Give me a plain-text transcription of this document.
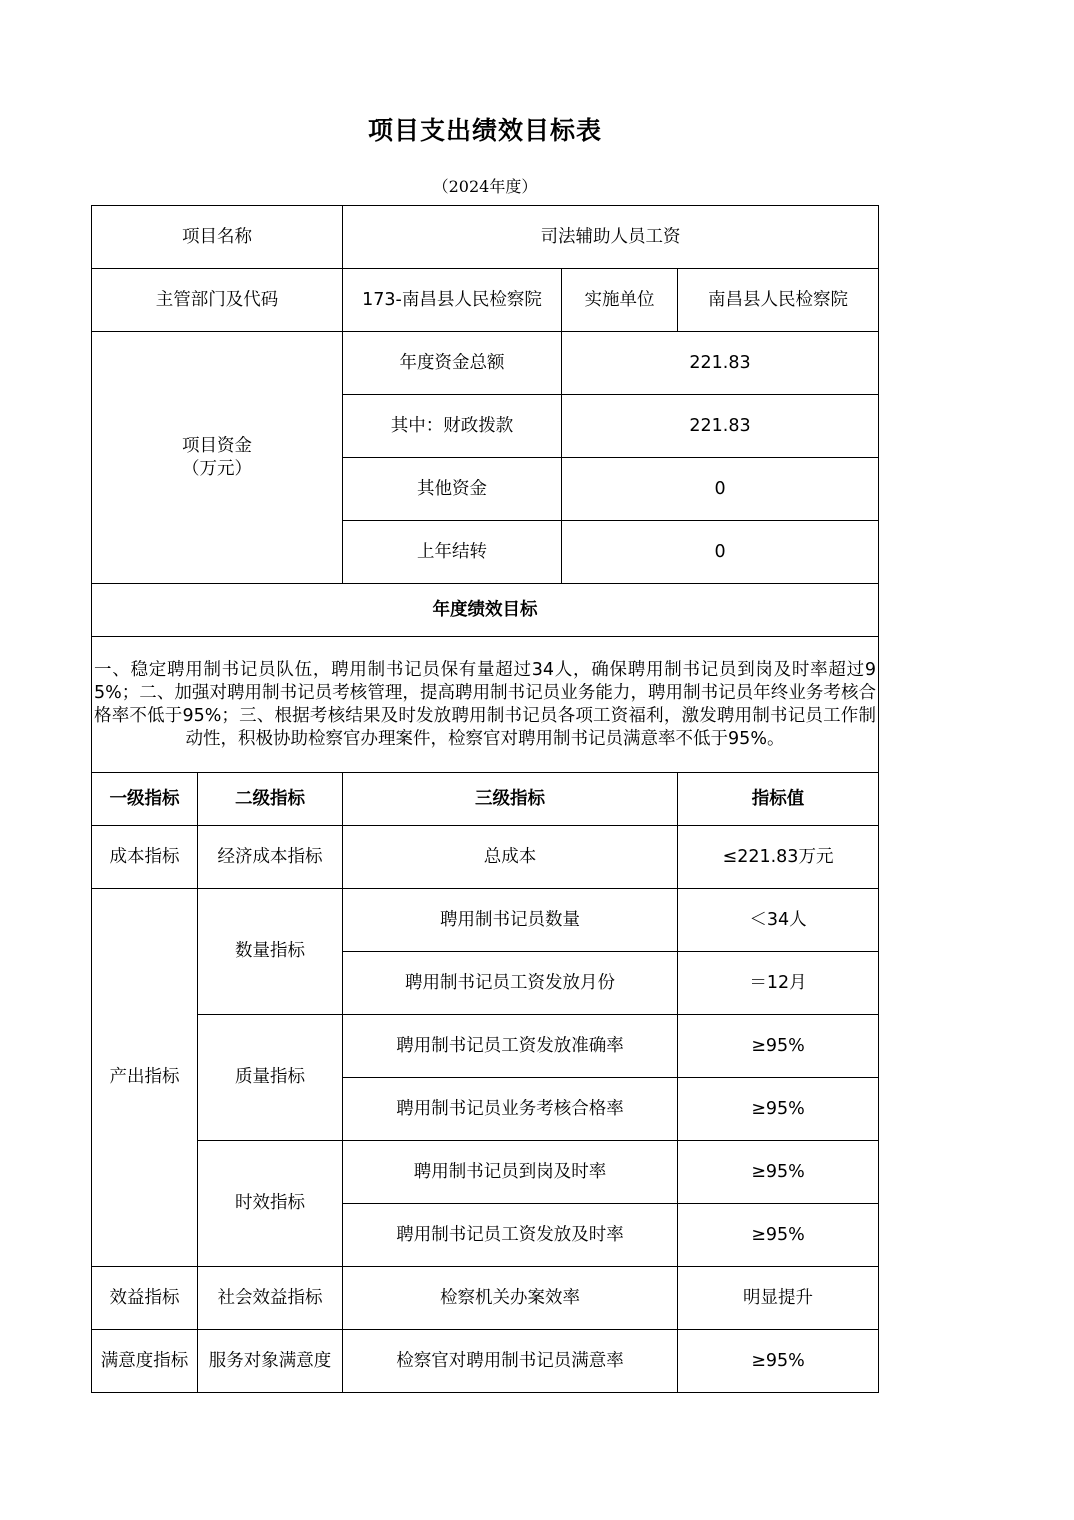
项目支出绩效目标表
（2024年度）
项目名称		司法辅助人员工资		
主管部门及代码		173-南昌县人民检察院	实施单位	南昌县人民检察院

项目资金
（万元）		年度资金总额	221.83	
		其中：财政拨款	221.83	
		其他资金	0	
		上年结转	0	
年度绩效目标				

一、稳定聘用制书记员队伍，聘用制书记员保有量超过34人，确保聘用制书记员到岗及时率超过95%；二、加强对聘用制书记员考核管理，提高聘用制书记员业务能力，聘用制书记员年终业务考核合格率不低于95%；三、根据考核结果及时发放聘用制书记员各项工资福利，激发聘用制书记员工作制动性，积极协助检察官办理案件，检察官对聘用制书记员满意率不低于95%。				

一级指标	二级指标	三级指标		指标值
成本指标	经济成本指标	总成本		≤221.83万元
产出指标	数量指标	聘用制书记员数量		＜34人
		聘用制书记员工资发放月份		＝12月
	质量指标	聘用制书记员工资发放准确率		≥95%
		聘用制书记员业务考核合格率		≥95%
	时效指标	聘用制书记员到岗及时率		≥95%
		聘用制书记员工资发放及时率		≥95%
效益指标	社会效益指标	检察机关办案效率		明显提升
满意度指标	服务对象满意度	检察官对聘用制书记员满意率		≥95%
